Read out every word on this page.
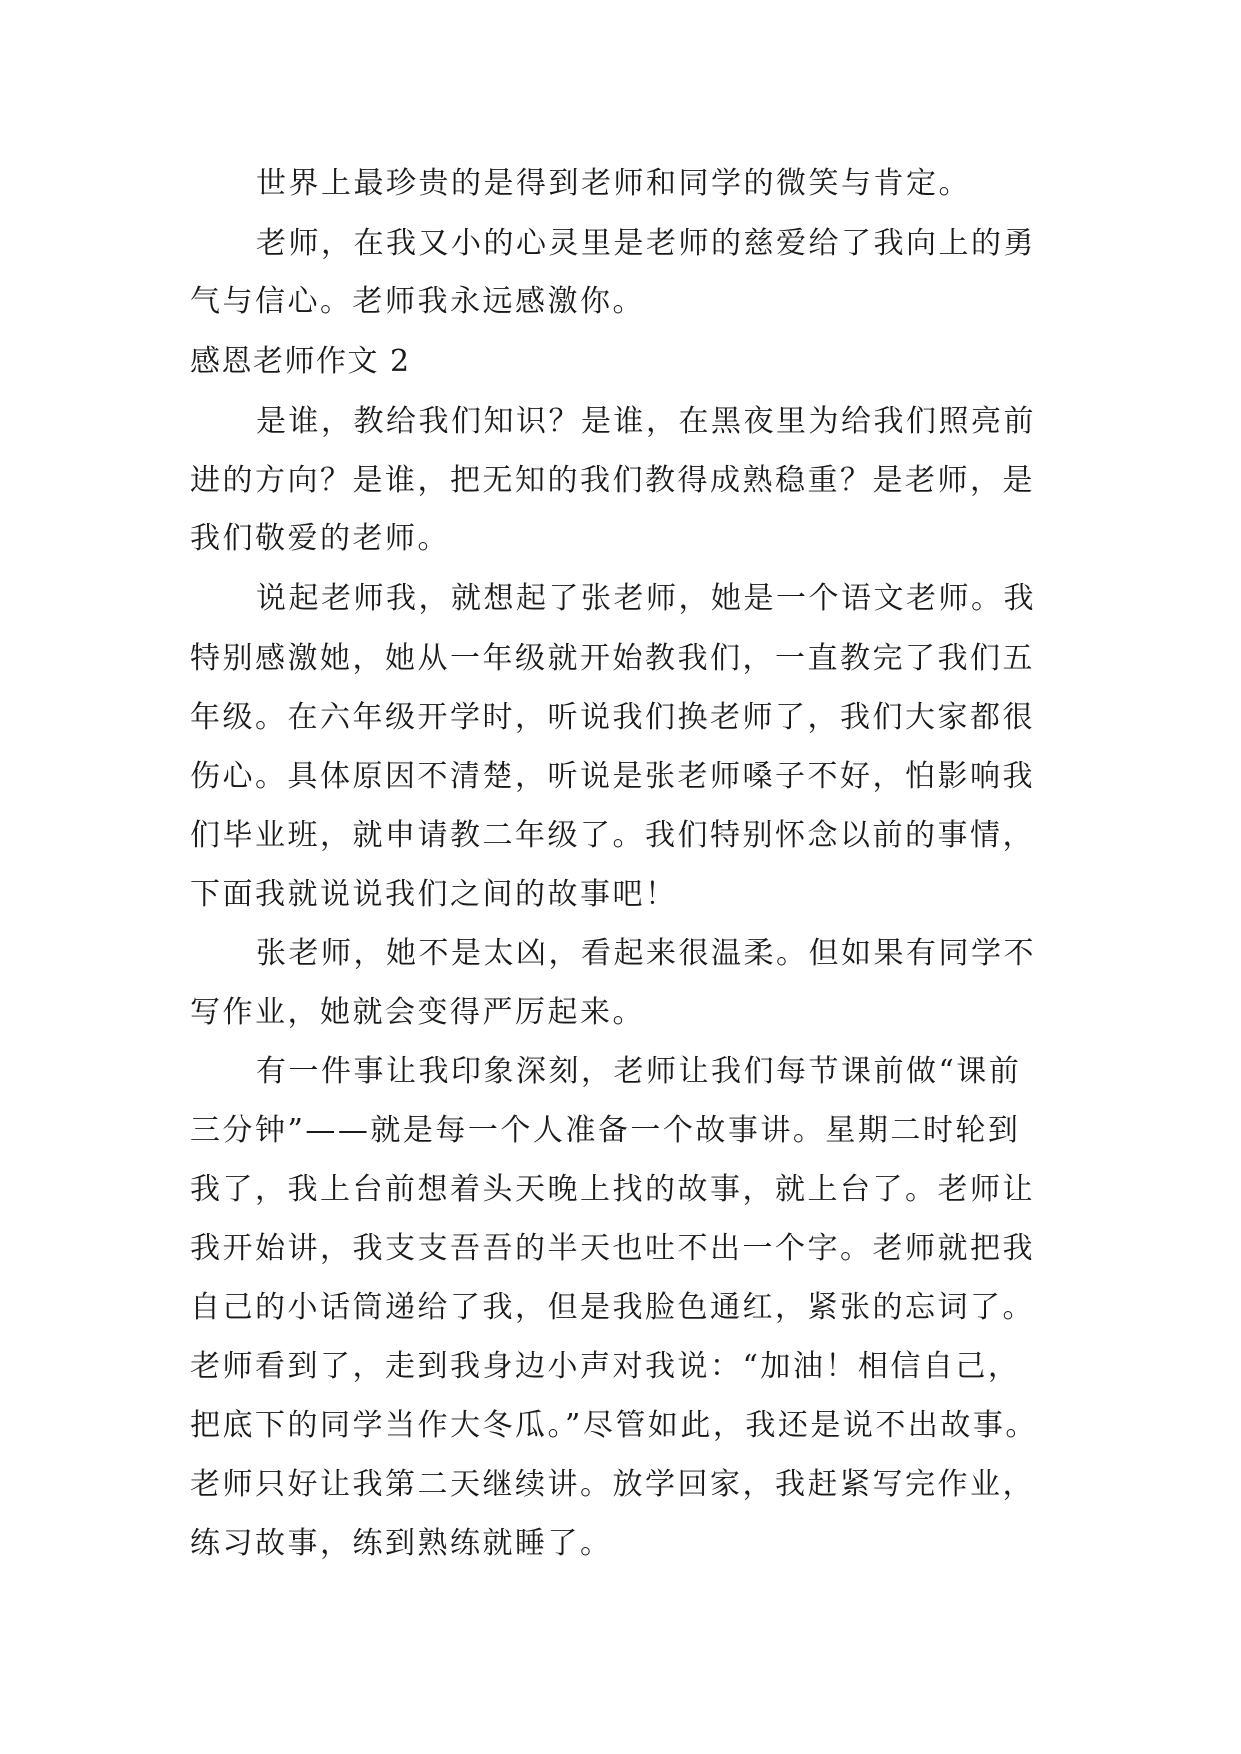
世界上最珍贵的是得到老师和同学的微笑与肯定。
老师，在我又小的心灵里是老师的慈爱给了我向上的勇
气与信心。老师我永远感激你。
感恩老师作文 2
是谁，教给我们知识？是谁，在黑夜里为给我们照亮前
进的方向？是谁，把无知的我们教得成熟稳重？是老师，是
我们敬爱的老师。
说起老师我，就想起了张老师，她是一个语文老师。我
特别感激她，她从一年级就开始教我们，一直教完了我们五
年级。在六年级开学时，听说我们换老师了，我们大家都很
伤心。具体原因不清楚，听说是张老师嗓子不好，怕影响我
们毕业班，就申请教二年级了。我们特别怀念以前的事情，
下面我就说说我们之间的故事吧！
张老师，她不是太凶，看起来很温柔。但如果有同学不
写作业，她就会变得严厉起来。
有一件事让我印象深刻，老师让我们每节课前做“课前
三分钟”——就是每一个人准备一个故事讲。星期二时轮到
我了，我上台前想着头天晚上找的故事，就上台了。老师让
我开始讲，我支支吾吾的半天也吐不出一个字。老师就把我
自己的小话筒递给了我，但是我脸色通红，紧张的忘词了。
老师看到了，走到我身边小声对我说：“加油！相信自己，
把底下的同学当作大冬瓜。”尽管如此，我还是说不出故事。
老师只好让我第二天继续讲。放学回家，我赶紧写完作业，
练习故事，练到熟练就睡了。
